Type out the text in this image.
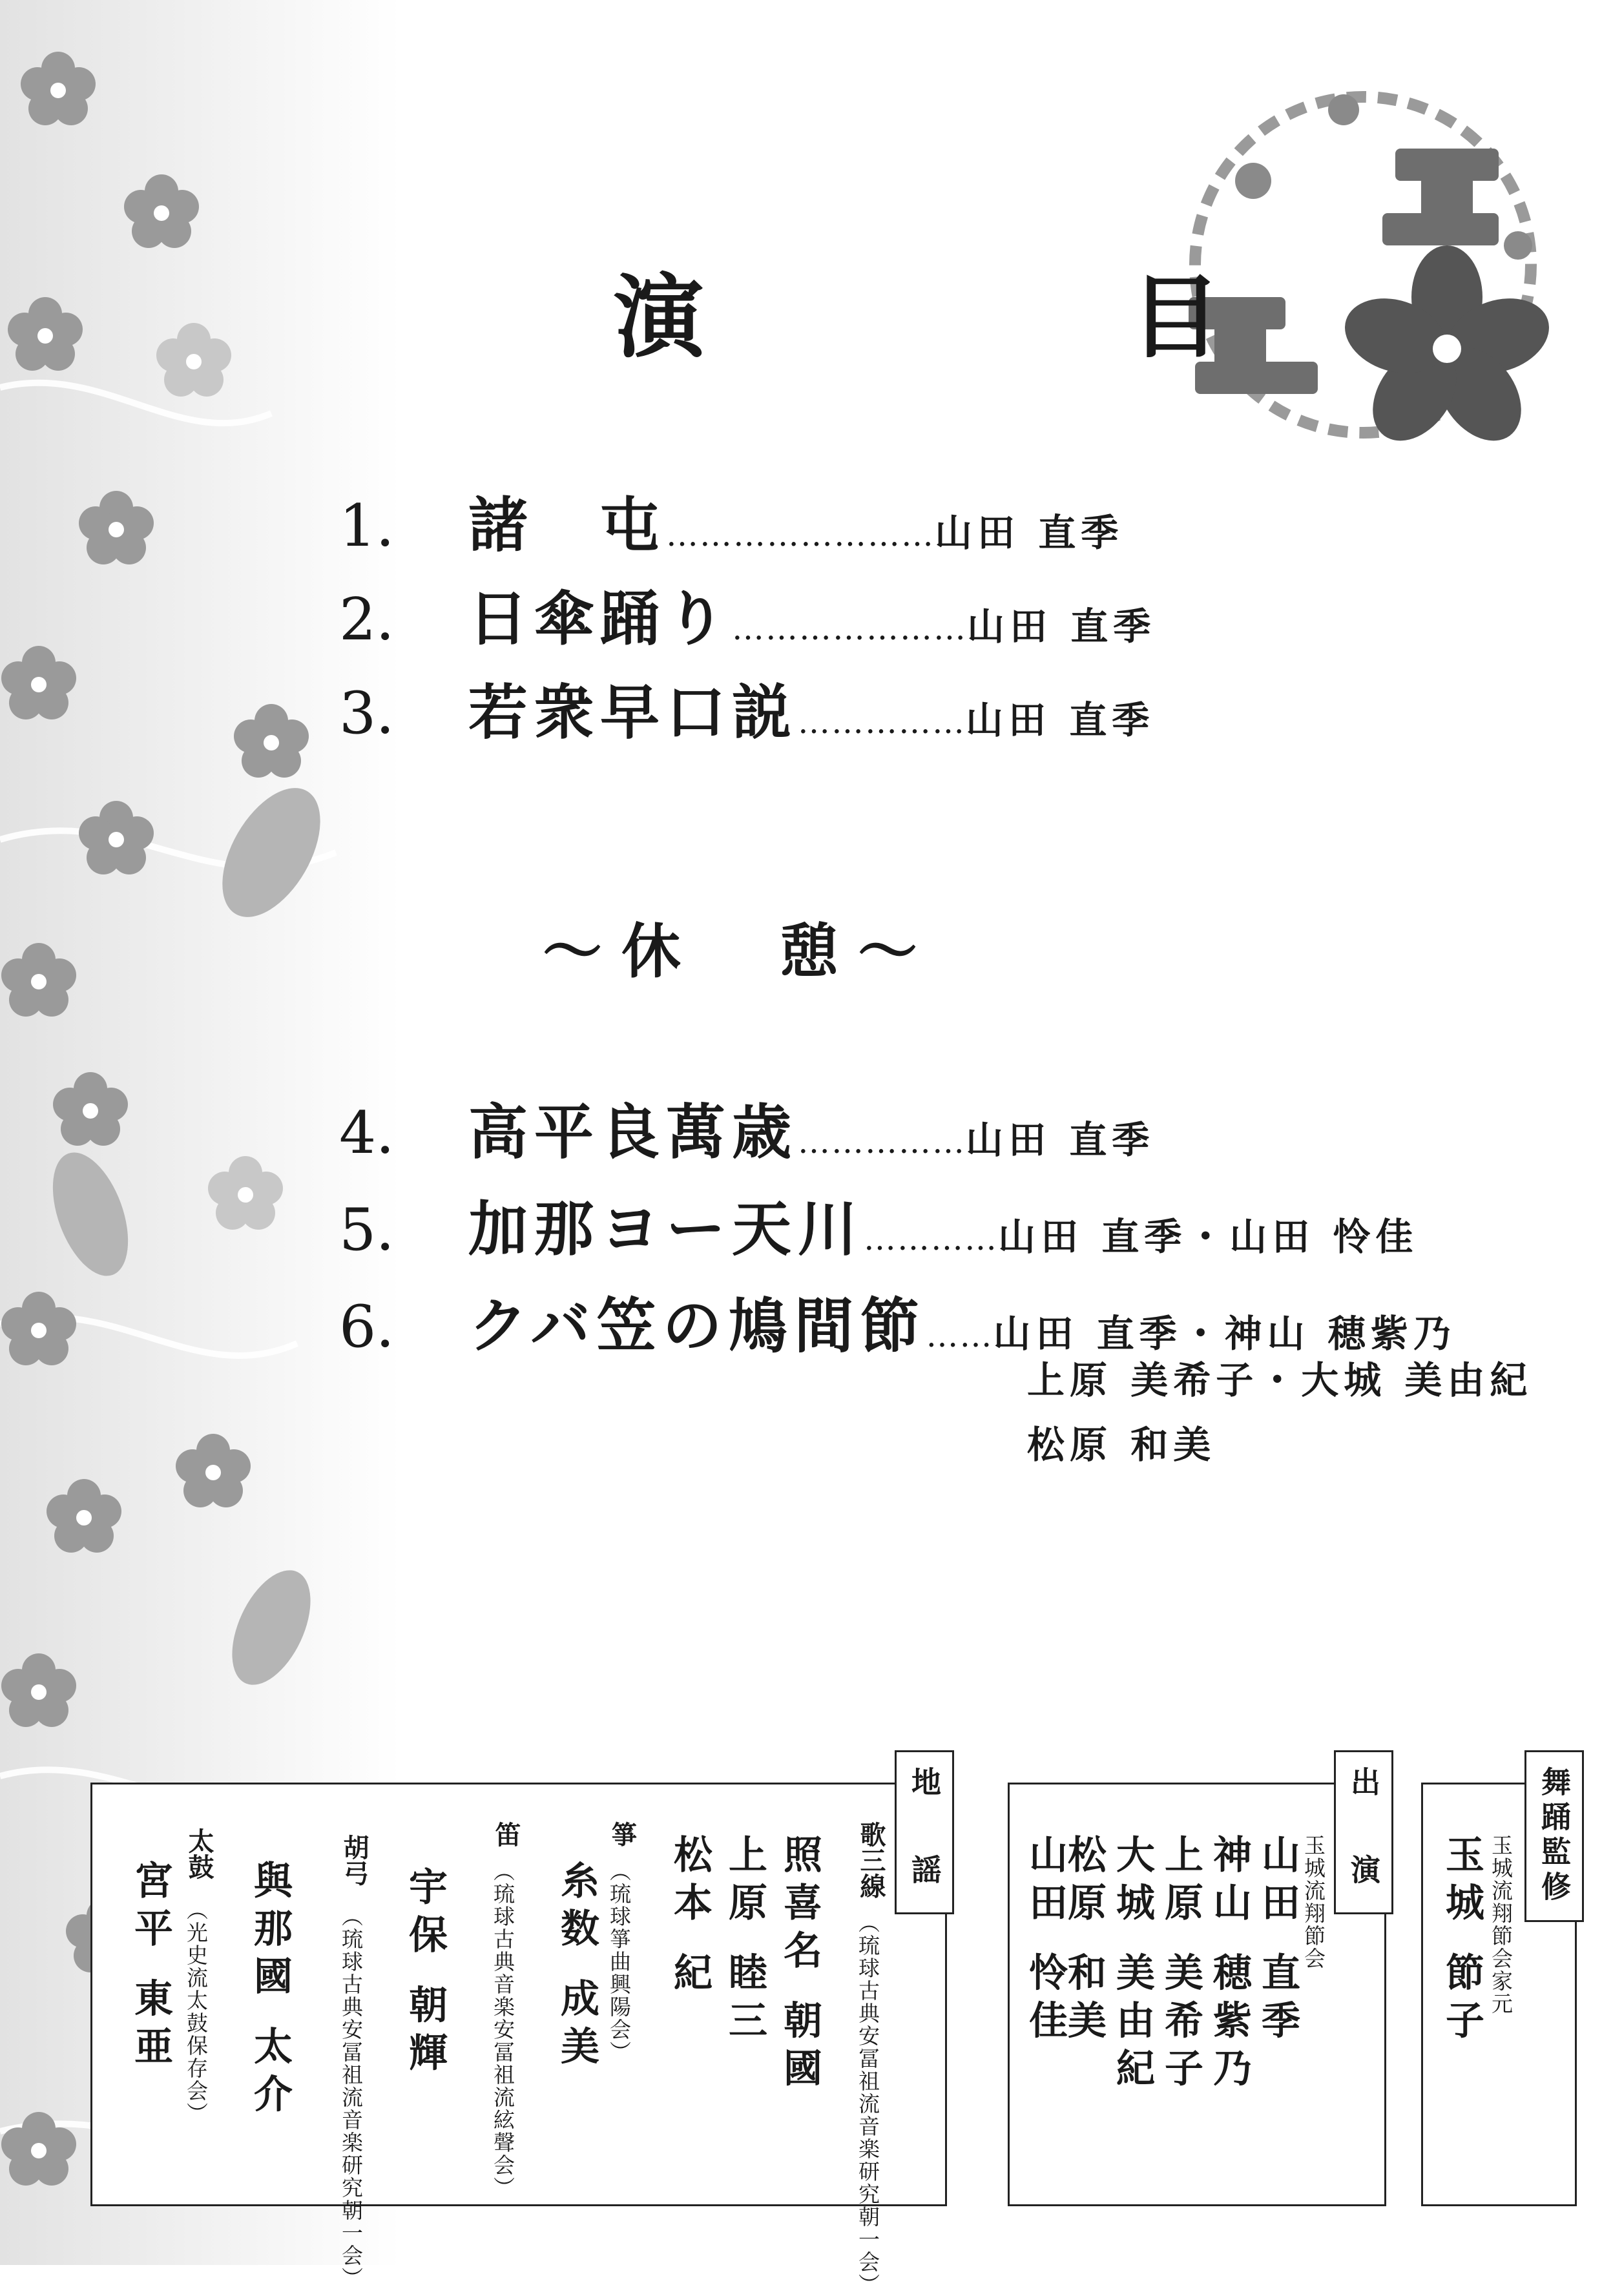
演　目
1． 諸　屯……………………山田 直季
2． 日傘踊り…………………山田 直季
3． 若衆早口説……………山田 直季
～休　憩～
4． 高平良萬歳……………山田 直季
5． 加那ヨー天川…………山田 直季・山田 怜佳
6． クバ笠の鳩間節……山田 直季・神山 穂紫乃
上原 美希子・大城 美由紀
松原 和美
地　謡
歌三線
（琉球古典安冨祖流音楽研究朝一会）
照喜名 朝國
上原 睦三
松本 紀
箏
（琉球箏曲興陽会）
糸数 成美
笛
（琉球古典音楽安冨祖流絃聲会）
宇保 朝輝
胡弓
（琉球古典安冨祖流音楽研究朝一会）
與那國 太介
太鼓
（光史流太鼓保存会）
宮平 東亜
出　演
玉城流翔節会
山田 直季
神山 穂紫乃
上原 美希子
大城 美由紀
松原 和美
山田 怜佳	舞踊監修
玉城流翔節会家元
玉城 節子
